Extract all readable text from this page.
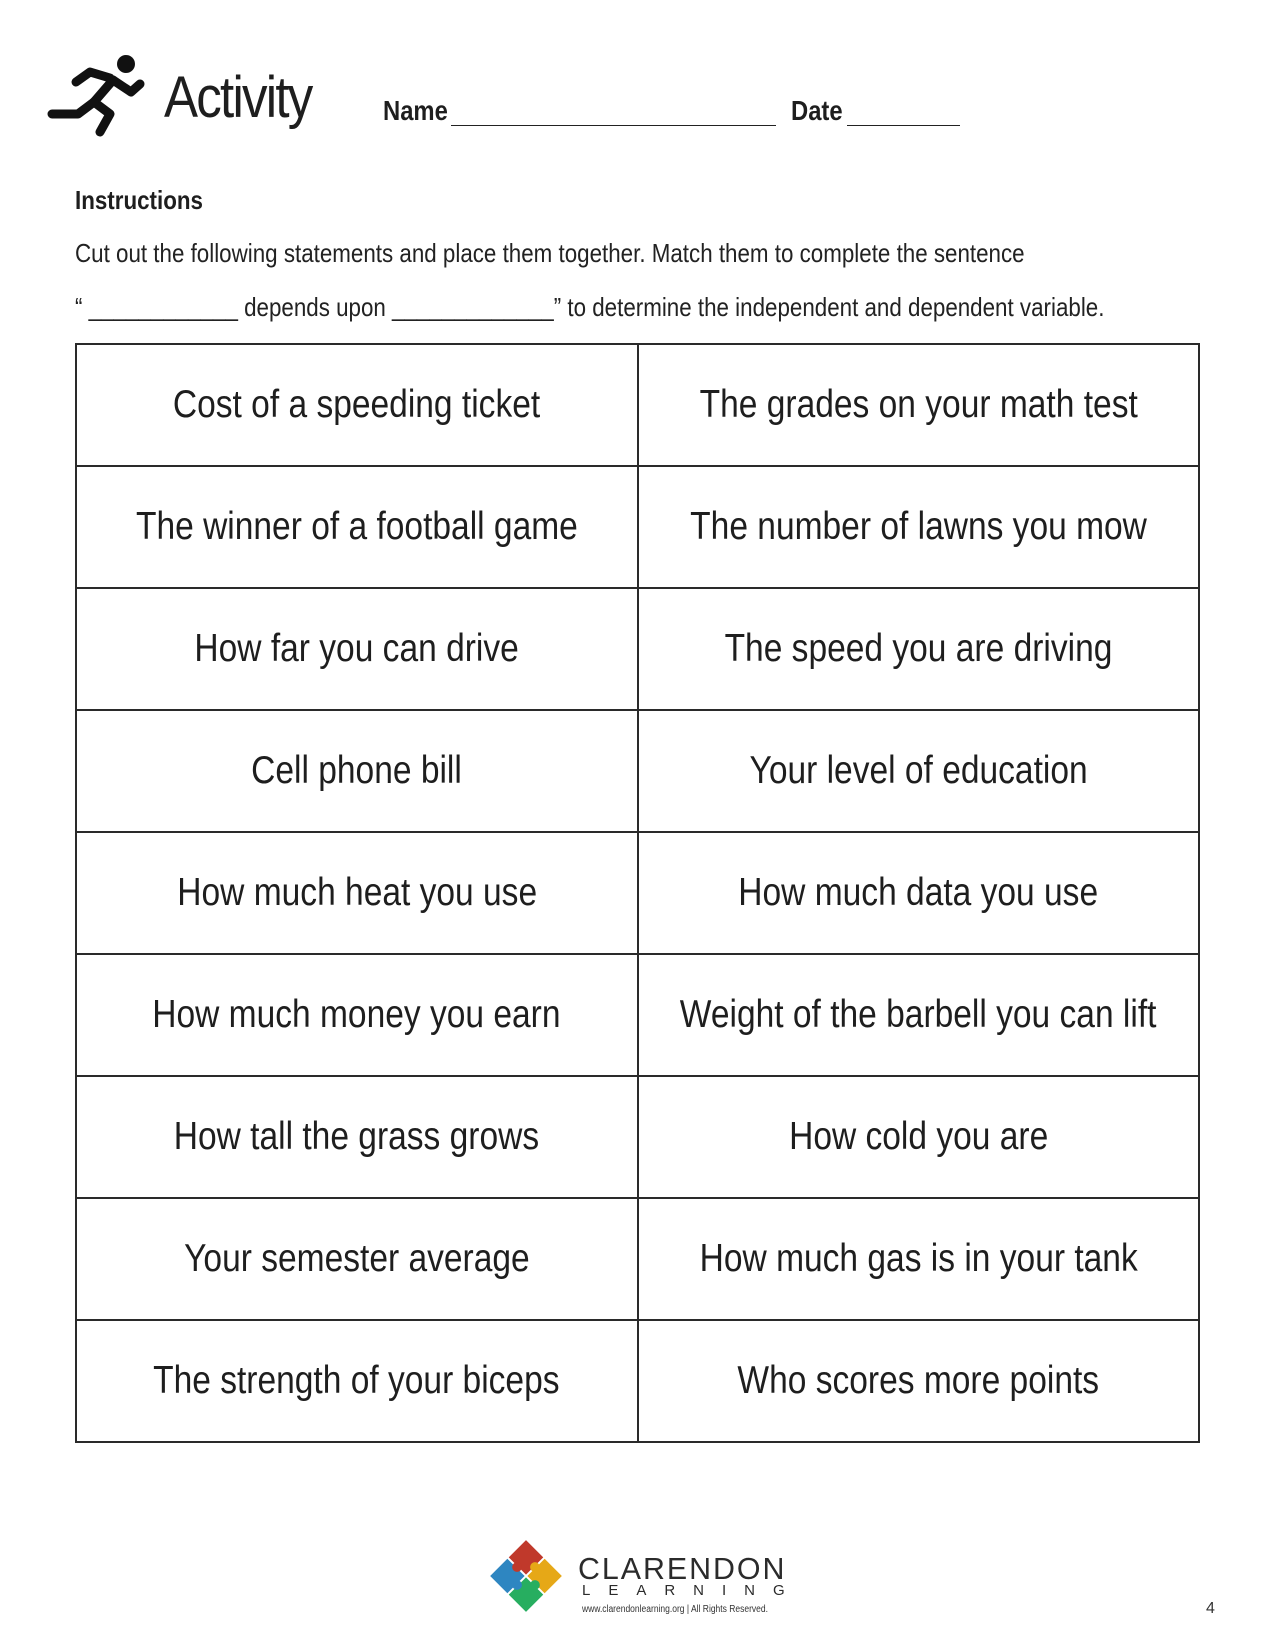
Activity	Name	Date
Instructions
Cut out the following statements and place them together. Match them to complete the sentence
“ ____________ depends upon _____________” to determine the independent and dependent variable.
Cost of a speeding ticket	The grades on your math test
The winner of a football game	The number of lawns you mow
How far you can drive	The speed you are driving
Cell phone bill	Your level of education
How much heat you use	How much data you use
How much money you earn	Weight of the barbell you can lift
How tall the grass grows	How cold you are
Your semester average	How much gas is in your tank
The strength of your biceps	Who scores more points
CLARENDON
LEARNING
www.clarendonlearning.org | All Rights Reserved.	4
